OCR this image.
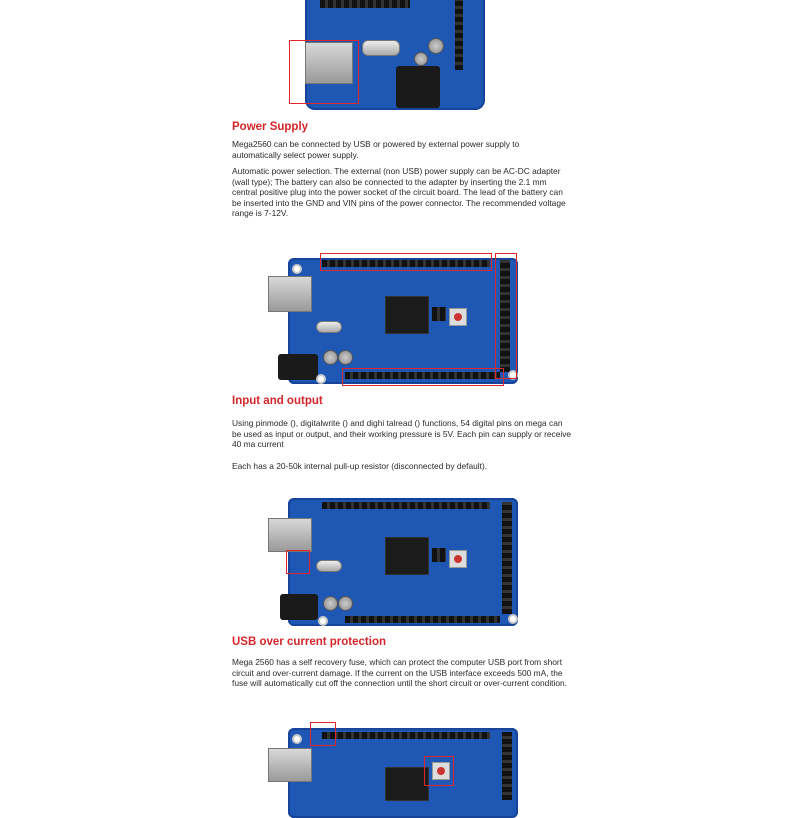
Power Supply

Mega2560 can be connected by USB or powered by external power supply to automatically select power supply.

Automatic power selection. The external (non USB) power supply can be AC-DC adapter (wall type); The battery can also be connected to the adapter by inserting the 2.1 mm central positive plug into the power socket of the circuit board. The lead of the battery can be inserted into the GND and VIN pins of the power connector. The recommended voltage range is 7-12V.

Input and output

Using pinmode (), digitalwrite () and dighi talread () functions, 54 digital pins on mega can be used as input or output, and their working pressure is 5V. Each pin can supply or receive 40 ma current

Each has a 20-50k internal pull-up resistor (disconnected by default).

USB over current protection

Mega 2560 has a self recovery fuse, which can protect the computer USB port from short circuit and over-current damage. If the current on the USB interface exceeds 500 mA, the fuse will automatically cut off the connection until the short circuit or over-current condition.
